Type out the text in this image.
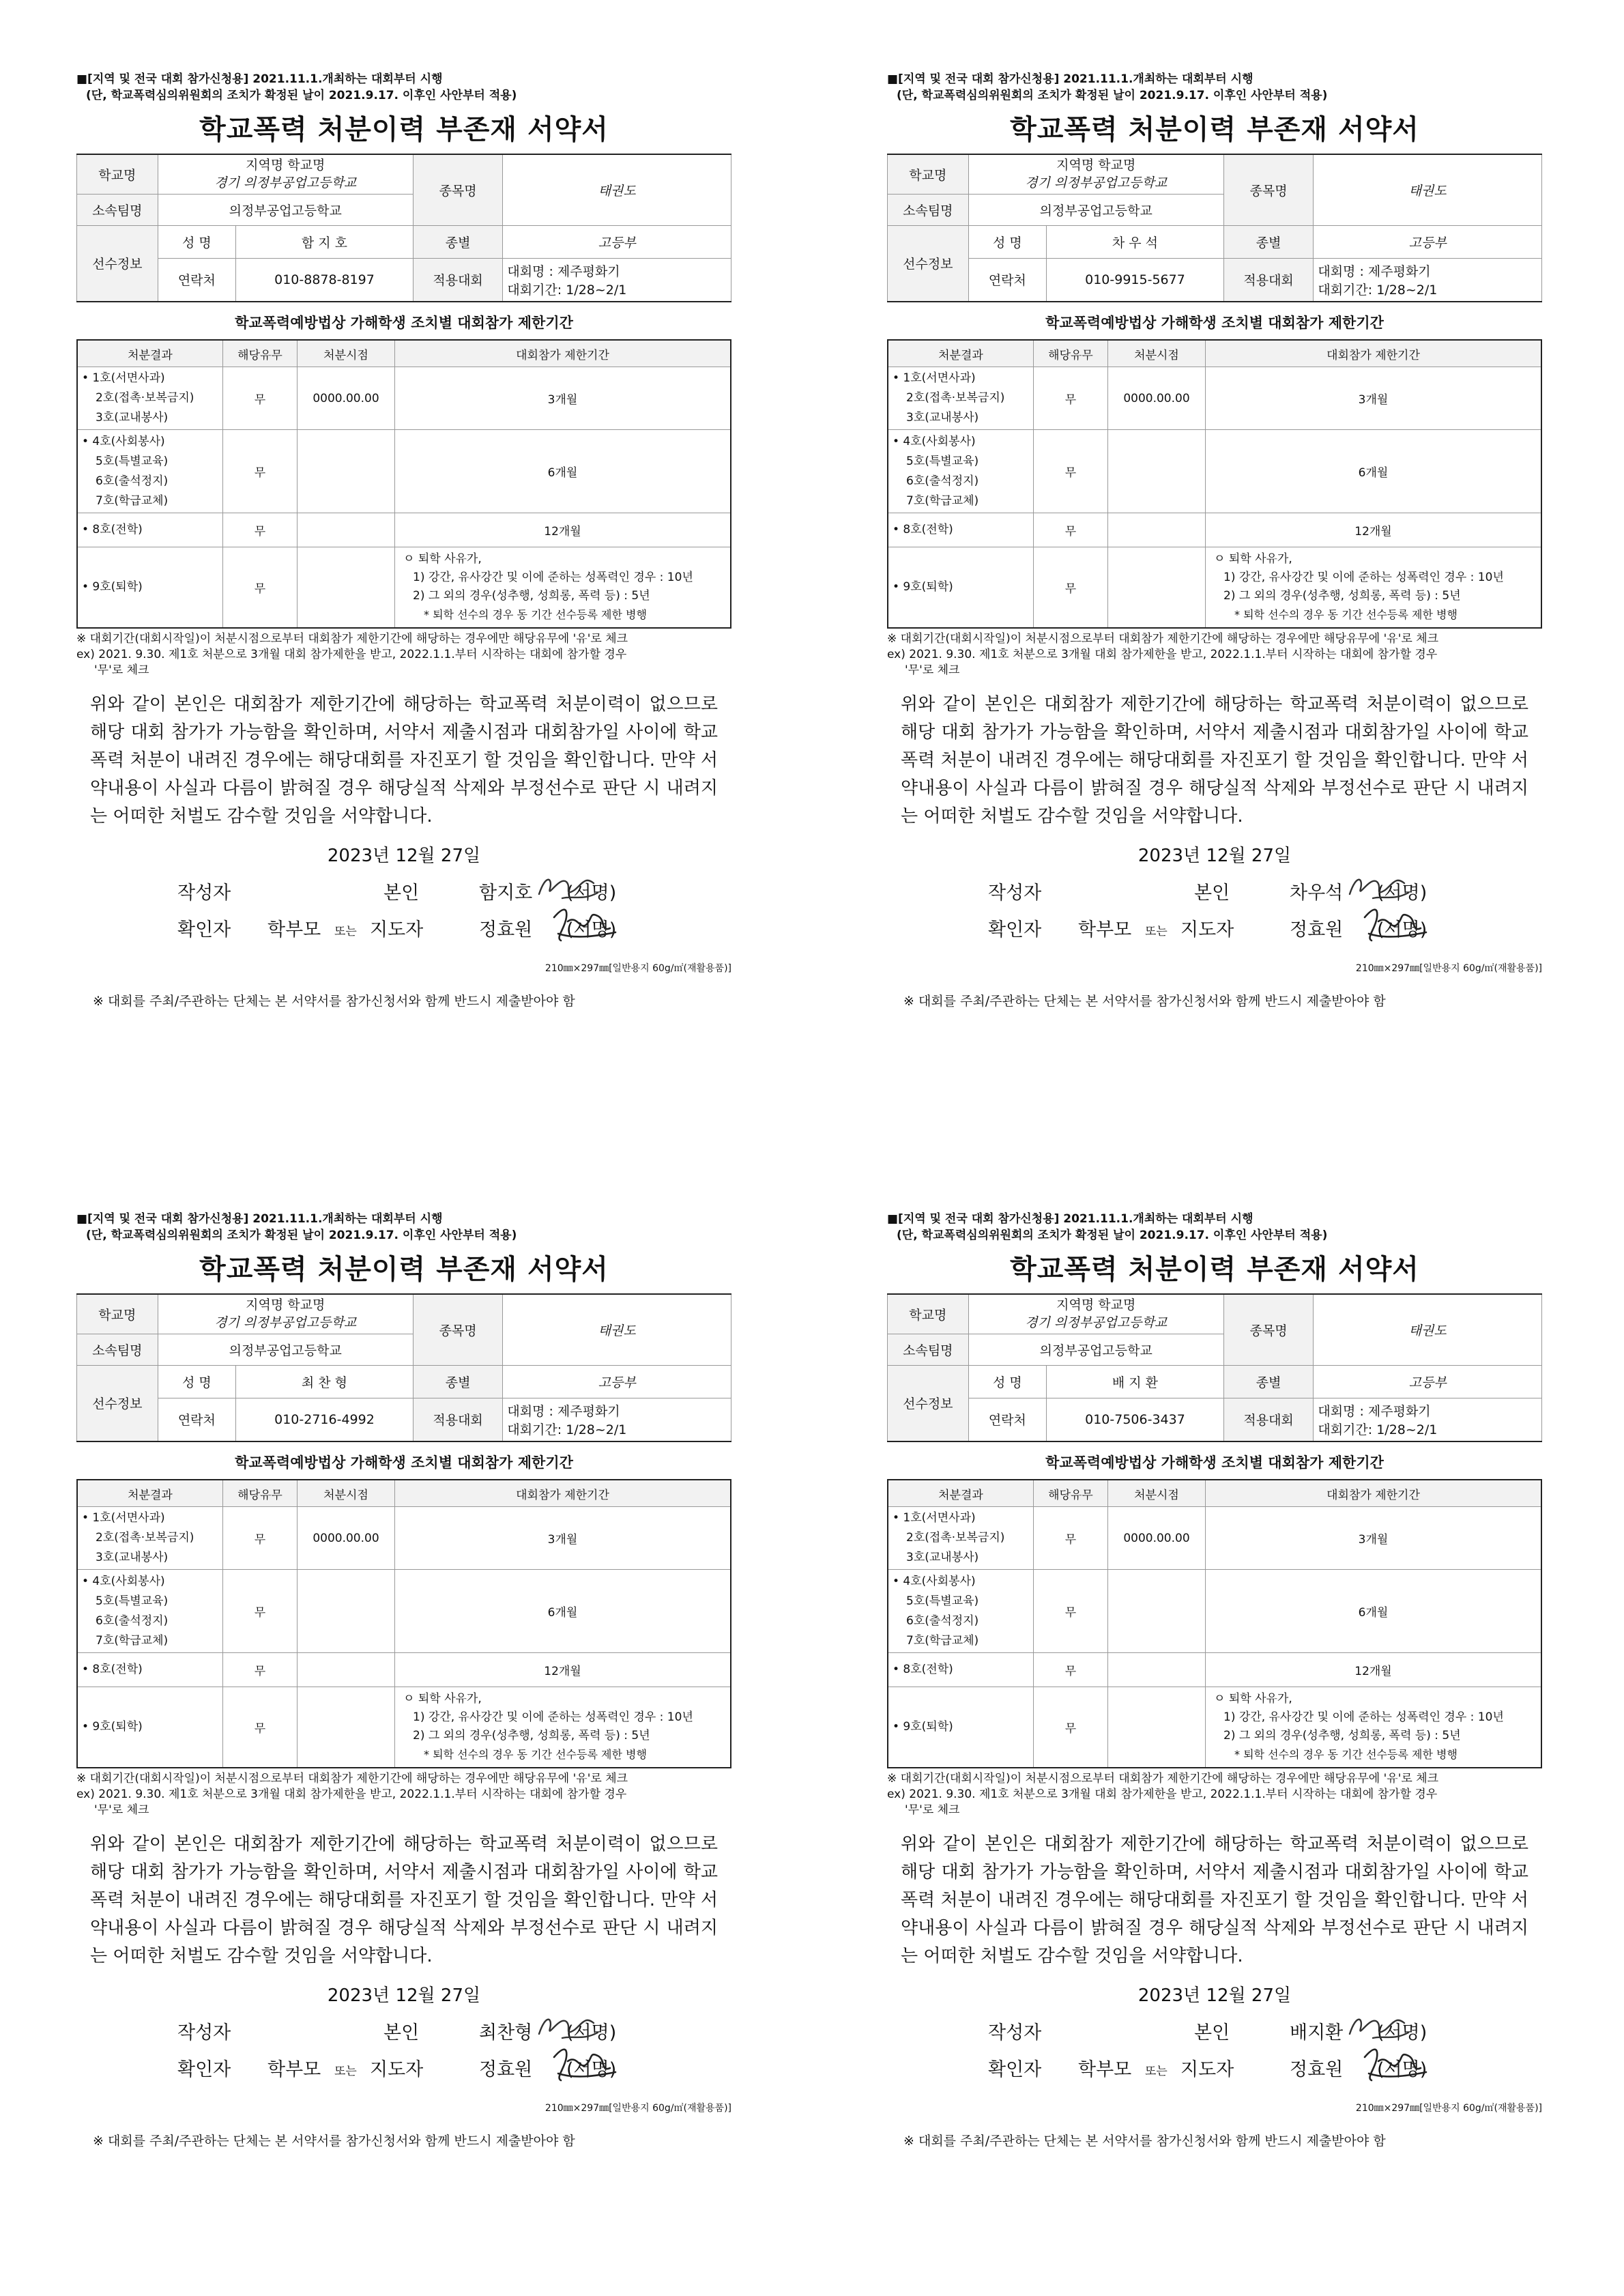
■[지역 및 전국 대회 참가신청용] 2021.11.1.개최하는 대회부터 시행
(단, 학교폭력심의위원회의 조치가 확정된 날이 2021.9.17. 이후인 사안부터 적용)
학교폭력 처분이력 부존재 서약서
학교명	지역명 학교명
경기 의정부공업고등학교		종목명	태권도
소속팀명	의정부공업고등학교			
선수정보	성 명	함 지 호	종별	고등부
	연락처	010-8878-8197	적용대회	대회명 : 제주평화기
대회기간: 1/28~2/1
학교폭력예방법상 가해학생 조치별 대회참가 제한기간
처분결과	해당유무	처분시점	대회참가 제한기간

• 1호(서면사과)
2호(접촉·보복금지)
3호(교내봉사)	무	0000.00.00	3개월

• 4호(사회봉사)
5호(특별교육)
6호(출석정지)
7호(학급교체)	무		6개월

• 8호(전학)	무		12개월

• 9호(퇴학)	무		ㅇ 퇴학 사유가,
1) 강간, 유사강간 및 이에 준하는 성폭력인 경우 : 10년
2) 그 외의 경우(성추행, 성희롱, 폭력 등) : 5년
* 퇴학 선수의 경우 동 기간 선수등록 제한 병행
※ 대회기간(대회시작일)이 처분시점으로부터 대회참가 제한기간에 해당하는 경우에만 해당유무에 '유'로 체크
ex) 2021. 9.30. 제1호 처분으로 3개월 대회 참가제한을 받고, 2022.1.1.부터 시작하는 대회에 참가할 경우
'무'로 체크
위와 같이 본인은 대회참가 제한기간에 해당하는 학교폭력 처분이력이 없으므로 해당 대회 참가가 가능함을 확인하며, 서약서 제출시점과 대회참가일 사이에 학교폭력 처분이 내려진 경우에는 해당대회를 자진포기 할 것임을 확인합니다. 만약 서약내용이 사실과 다름이 밝혀질 경우 해당실적 삭제와 부정선수로 판단 시 내려지는 어떠한 처벌도 감수할 것임을 서약합니다.
2023년 12월 27일
작성자	본인	함지호 (서명)
확인자 학부모 또는 지도자	정효원 (서명)
210㎜×297㎜[일반용지 60g/㎡(재활용품)]
※ 대회를 주최/주관하는 단체는 본 서약서를 참가신청서와 함께 반드시 제출받아야 함
■[지역 및 전국 대회 참가신청용] 2021.11.1.개최하는 대회부터 시행
(단, 학교폭력심의위원회의 조치가 확정된 날이 2021.9.17. 이후인 사안부터 적용)
학교폭력 처분이력 부존재 서약서
학교명	지역명 학교명
경기 의정부공업고등학교		종목명	태권도
소속팀명	의정부공업고등학교			
선수정보	성 명	차 우 석	종별	고등부
	연락처	010-9915-5677	적용대회	대회명 : 제주평화기
대회기간: 1/28~2/1
학교폭력예방법상 가해학생 조치별 대회참가 제한기간
처분결과	해당유무	처분시점	대회참가 제한기간

• 1호(서면사과)
2호(접촉·보복금지)
3호(교내봉사)	무	0000.00.00	3개월

• 4호(사회봉사)
5호(특별교육)
6호(출석정지)
7호(학급교체)	무		6개월

• 8호(전학)	무		12개월

• 9호(퇴학)	무		ㅇ 퇴학 사유가,
1) 강간, 유사강간 및 이에 준하는 성폭력인 경우 : 10년
2) 그 외의 경우(성추행, 성희롱, 폭력 등) : 5년
* 퇴학 선수의 경우 동 기간 선수등록 제한 병행
※ 대회기간(대회시작일)이 처분시점으로부터 대회참가 제한기간에 해당하는 경우에만 해당유무에 '유'로 체크
ex) 2021. 9.30. 제1호 처분으로 3개월 대회 참가제한을 받고, 2022.1.1.부터 시작하는 대회에 참가할 경우
'무'로 체크
위와 같이 본인은 대회참가 제한기간에 해당하는 학교폭력 처분이력이 없으므로 해당 대회 참가가 가능함을 확인하며, 서약서 제출시점과 대회참가일 사이에 학교폭력 처분이 내려진 경우에는 해당대회를 자진포기 할 것임을 확인합니다. 만약 서약내용이 사실과 다름이 밝혀질 경우 해당실적 삭제와 부정선수로 판단 시 내려지는 어떠한 처벌도 감수할 것임을 서약합니다.
2023년 12월 27일
작성자	본인	차우석 (서명)
확인자 학부모 또는 지도자	정효원 (서명)
210㎜×297㎜[일반용지 60g/㎡(재활용품)]
※ 대회를 주최/주관하는 단체는 본 서약서를 참가신청서와 함께 반드시 제출받아야 함
■[지역 및 전국 대회 참가신청용] 2021.11.1.개최하는 대회부터 시행
(단, 학교폭력심의위원회의 조치가 확정된 날이 2021.9.17. 이후인 사안부터 적용)
학교폭력 처분이력 부존재 서약서
학교명	지역명 학교명
경기 의정부공업고등학교		종목명	태권도
소속팀명	의정부공업고등학교			
선수정보	성 명	최 찬 형	종별	고등부
	연락처	010-2716-4992	적용대회	대회명 : 제주평화기
대회기간: 1/28~2/1
학교폭력예방법상 가해학생 조치별 대회참가 제한기간
처분결과	해당유무	처분시점	대회참가 제한기간

• 1호(서면사과)
2호(접촉·보복금지)
3호(교내봉사)	무	0000.00.00	3개월

• 4호(사회봉사)
5호(특별교육)
6호(출석정지)
7호(학급교체)	무		6개월

• 8호(전학)	무		12개월

• 9호(퇴학)	무		ㅇ 퇴학 사유가,
1) 강간, 유사강간 및 이에 준하는 성폭력인 경우 : 10년
2) 그 외의 경우(성추행, 성희롱, 폭력 등) : 5년
* 퇴학 선수의 경우 동 기간 선수등록 제한 병행
※ 대회기간(대회시작일)이 처분시점으로부터 대회참가 제한기간에 해당하는 경우에만 해당유무에 '유'로 체크
ex) 2021. 9.30. 제1호 처분으로 3개월 대회 참가제한을 받고, 2022.1.1.부터 시작하는 대회에 참가할 경우
'무'로 체크
위와 같이 본인은 대회참가 제한기간에 해당하는 학교폭력 처분이력이 없으므로 해당 대회 참가가 가능함을 확인하며, 서약서 제출시점과 대회참가일 사이에 학교폭력 처분이 내려진 경우에는 해당대회를 자진포기 할 것임을 확인합니다. 만약 서약내용이 사실과 다름이 밝혀질 경우 해당실적 삭제와 부정선수로 판단 시 내려지는 어떠한 처벌도 감수할 것임을 서약합니다.
2023년 12월 27일
작성자	본인	최찬형 (서명)
확인자 학부모 또는 지도자	정효원 (서명)
210㎜×297㎜[일반용지 60g/㎡(재활용품)]
※ 대회를 주최/주관하는 단체는 본 서약서를 참가신청서와 함께 반드시 제출받아야 함
■[지역 및 전국 대회 참가신청용] 2021.11.1.개최하는 대회부터 시행
(단, 학교폭력심의위원회의 조치가 확정된 날이 2021.9.17. 이후인 사안부터 적용)
학교폭력 처분이력 부존재 서약서
학교명	지역명 학교명
경기 의정부공업고등학교		종목명	태권도
소속팀명	의정부공업고등학교			
선수정보	성 명	배 지 환	종별	고등부
	연락처	010-7506-3437	적용대회	대회명 : 제주평화기
대회기간: 1/28~2/1
학교폭력예방법상 가해학생 조치별 대회참가 제한기간
처분결과	해당유무	처분시점	대회참가 제한기간

• 1호(서면사과)
2호(접촉·보복금지)
3호(교내봉사)	무	0000.00.00	3개월

• 4호(사회봉사)
5호(특별교육)
6호(출석정지)
7호(학급교체)	무		6개월

• 8호(전학)	무		12개월

• 9호(퇴학)	무		ㅇ 퇴학 사유가,
1) 강간, 유사강간 및 이에 준하는 성폭력인 경우 : 10년
2) 그 외의 경우(성추행, 성희롱, 폭력 등) : 5년
* 퇴학 선수의 경우 동 기간 선수등록 제한 병행
※ 대회기간(대회시작일)이 처분시점으로부터 대회참가 제한기간에 해당하는 경우에만 해당유무에 '유'로 체크
ex) 2021. 9.30. 제1호 처분으로 3개월 대회 참가제한을 받고, 2022.1.1.부터 시작하는 대회에 참가할 경우
'무'로 체크
위와 같이 본인은 대회참가 제한기간에 해당하는 학교폭력 처분이력이 없으므로 해당 대회 참가가 가능함을 확인하며, 서약서 제출시점과 대회참가일 사이에 학교폭력 처분이 내려진 경우에는 해당대회를 자진포기 할 것임을 확인합니다. 만약 서약내용이 사실과 다름이 밝혀질 경우 해당실적 삭제와 부정선수로 판단 시 내려지는 어떠한 처벌도 감수할 것임을 서약합니다.
2023년 12월 27일
작성자	본인	배지환 (서명)
확인자 학부모 또는 지도자	정효원 (서명)
210㎜×297㎜[일반용지 60g/㎡(재활용품)]
※ 대회를 주최/주관하는 단체는 본 서약서를 참가신청서와 함께 반드시 제출받아야 함
